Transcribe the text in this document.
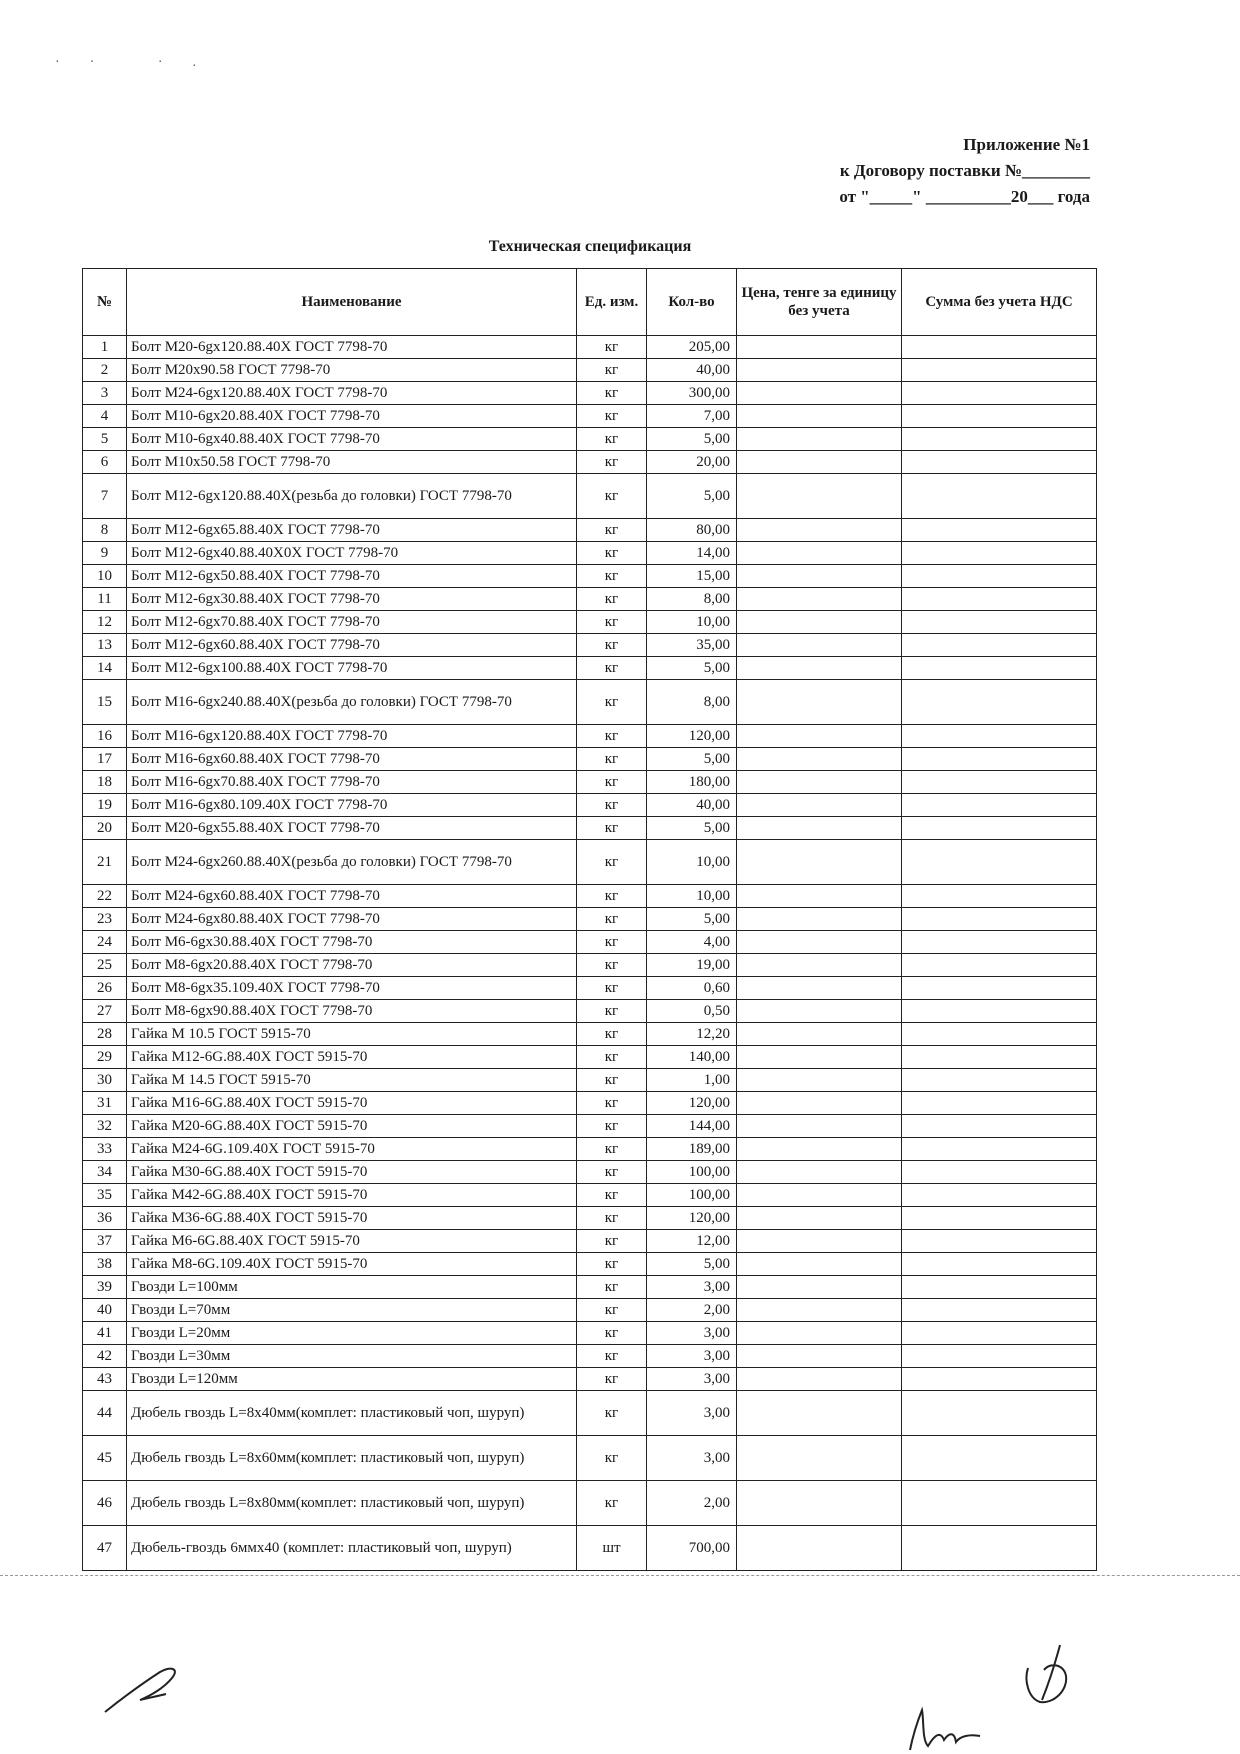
·· ·.
Приложение №1
к Договору поставки №________
от "_____" __________20___ года
Техническая спецификация
№	Наименование	Ед. изм.	Кол-во	Цена, тенге за единицу без учета	Сумма без учета НДС
1	Болт М20-6gх120.88.40Х ГОСТ 7798-70	кг	205,00		
2	Болт М20х90.58 ГОСТ 7798-70	кг	40,00		
3	Болт М24-6gх120.88.40Х ГОСТ 7798-70	кг	300,00		
4	Болт М10-6gх20.88.40Х ГОСТ 7798-70	кг	7,00		
5	Болт М10-6gх40.88.40Х ГОСТ 7798-70	кг	5,00		
6	Болт М10х50.58 ГОСТ 7798-70	кг	20,00		
7	Болт М12-6gх120.88.40Х(резьба до головки) ГОСТ 7798-70	кг	5,00		
8	Болт М12-6gх65.88.40Х ГОСТ 7798-70	кг	80,00		
9	Болт М12-6gх40.88.40Х0Х ГОСТ 7798-70	кг	14,00		
10	Болт М12-6gх50.88.40Х ГОСТ 7798-70	кг	15,00		
11	Болт М12-6gх30.88.40Х ГОСТ 7798-70	кг	8,00		
12	Болт М12-6gх70.88.40Х ГОСТ 7798-70	кг	10,00		
13	Болт М12-6gх60.88.40Х ГОСТ 7798-70	кг	35,00		
14	Болт М12-6gх100.88.40Х ГОСТ 7798-70	кг	5,00		
15	Болт М16-6gх240.88.40Х(резьба до головки) ГОСТ 7798-70	кг	8,00		
16	Болт М16-6gх120.88.40Х ГОСТ 7798-70	кг	120,00		
17	Болт М16-6gх60.88.40Х ГОСТ 7798-70	кг	5,00		
18	Болт М16-6gх70.88.40Х ГОСТ 7798-70	кг	180,00		
19	Болт М16-6gх80.109.40Х ГОСТ 7798-70	кг	40,00		
20	Болт М20-6gх55.88.40Х ГОСТ 7798-70	кг	5,00		
21	Болт М24-6gх260.88.40Х(резьба до головки) ГОСТ 7798-70	кг	10,00		
22	Болт М24-6gх60.88.40Х ГОСТ 7798-70	кг	10,00		
23	Болт М24-6gх80.88.40Х ГОСТ 7798-70	кг	5,00		
24	Болт М6-6gх30.88.40Х ГОСТ 7798-70	кг	4,00		
25	Болт М8-6gх20.88.40Х ГОСТ 7798-70	кг	19,00		
26	Болт М8-6gх35.109.40Х ГОСТ 7798-70	кг	0,60		
27	Болт М8-6gх90.88.40Х ГОСТ 7798-70	кг	0,50		
28	Гайка М 10.5 ГОСТ 5915-70	кг	12,20		
29	Гайка М12-6G.88.40Х ГОСТ 5915-70	кг	140,00		
30	Гайка М 14.5 ГОСТ 5915-70	кг	1,00		
31	Гайка М16-6G.88.40Х ГОСТ 5915-70	кг	120,00		
32	Гайка М20-6G.88.40Х ГОСТ 5915-70	кг	144,00		
33	Гайка М24-6G.109.40Х ГОСТ 5915-70	кг	189,00		
34	Гайка М30-6G.88.40Х ГОСТ 5915-70	кг	100,00		
35	Гайка М42-6G.88.40Х ГОСТ 5915-70	кг	100,00		
36	Гайка М36-6G.88.40Х ГОСТ 5915-70	кг	120,00		
37	Гайка М6-6G.88.40Х ГОСТ 5915-70	кг	12,00		
38	Гайка М8-6G.109.40Х ГОСТ 5915-70	кг	5,00		
39	Гвозди L=100мм	кг	3,00		
40	Гвозди L=70мм	кг	2,00		
41	Гвозди L=20мм	кг	3,00		
42	Гвозди L=30мм	кг	3,00		
43	Гвозди L=120мм	кг	3,00		
44	Дюбель гвоздь L=8х40мм(комплет: пластиковый чоп, шуруп)	кг	3,00		
45	Дюбель гвоздь L=8х60мм(комплет: пластиковый чоп, шуруп)	кг	3,00		
46	Дюбель гвоздь L=8х80мм(комплет: пластиковый чоп, шуруп)	кг	2,00		
47	Дюбель-гвоздь 6ммх40 (комплет: пластиковый чоп, шуруп)	шт	700,00		
